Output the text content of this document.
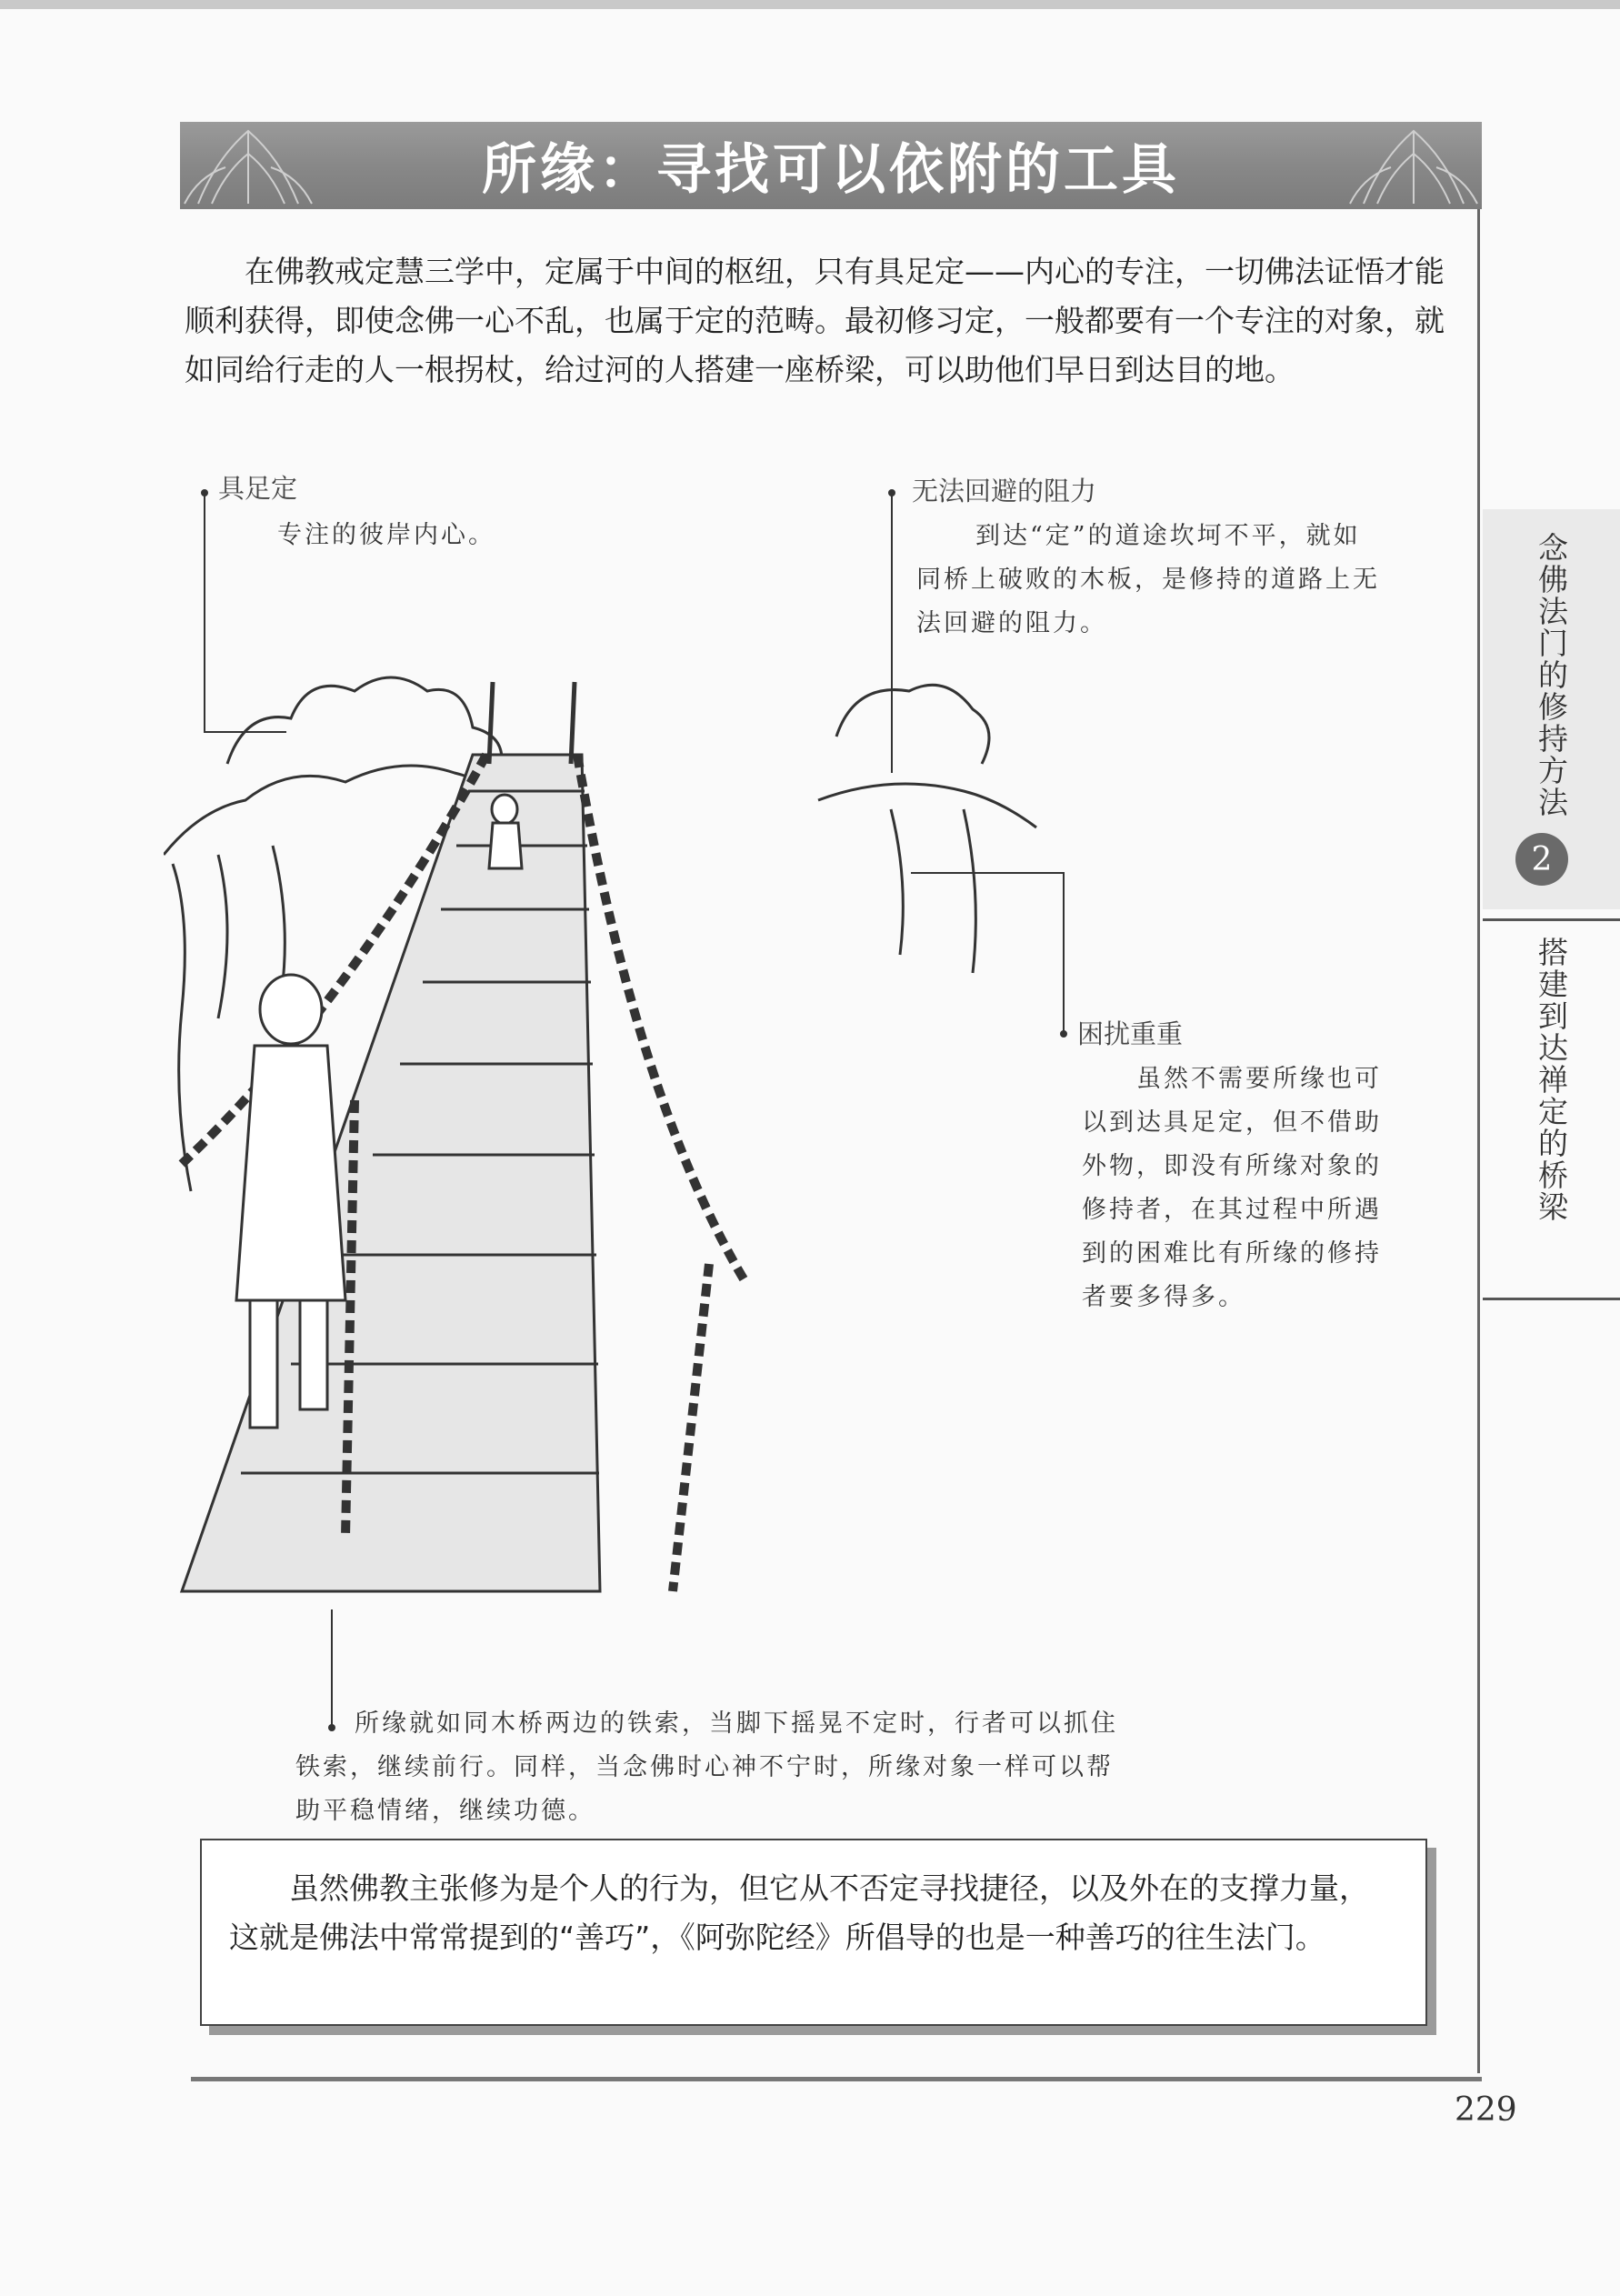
所缘：寻找可以依附的工具

在佛教戒定慧三学中，定属于中间的枢纽，只有具足定——内心的专注，一切佛法证悟才能顺利获得，即使念佛一心不乱，也属于定的范畴。最初修习定，一般都要有一个专注的对象，就如同给行走的人一根拐杖，给过河的人搭建一座桥梁，可以助他们早日到达目的地。

念佛法门的修持方法
2
搭建到达禅定的桥梁
具足定

专注的彼岸内心。

无法回避的阻力

到达“定”的道途坎坷不平，就如
同桥上破败的木板，是修持的道路上无
法回避的阻力。

困扰重重

虽然不需要所缘也可
以到达具足定，但不借助
外物，即没有所缘对象的
修持者，在其过程中所遇
到的困难比有所缘的修持
者要多得多。

所缘就如同木桥两边的铁索，当脚下摇晃不定时，行者可以抓住
铁索，继续前行。同样，当念佛时心神不宁时，所缘对象一样可以帮
助平稳情绪，继续功德。

虽然佛教主张修为是个人的行为，但它从不否定寻找捷径，以及外在的支撑力量，这就是佛法中常常提到的“善巧”，《阿弥陀经》所倡导的也是一种善巧的往生法门。

229
